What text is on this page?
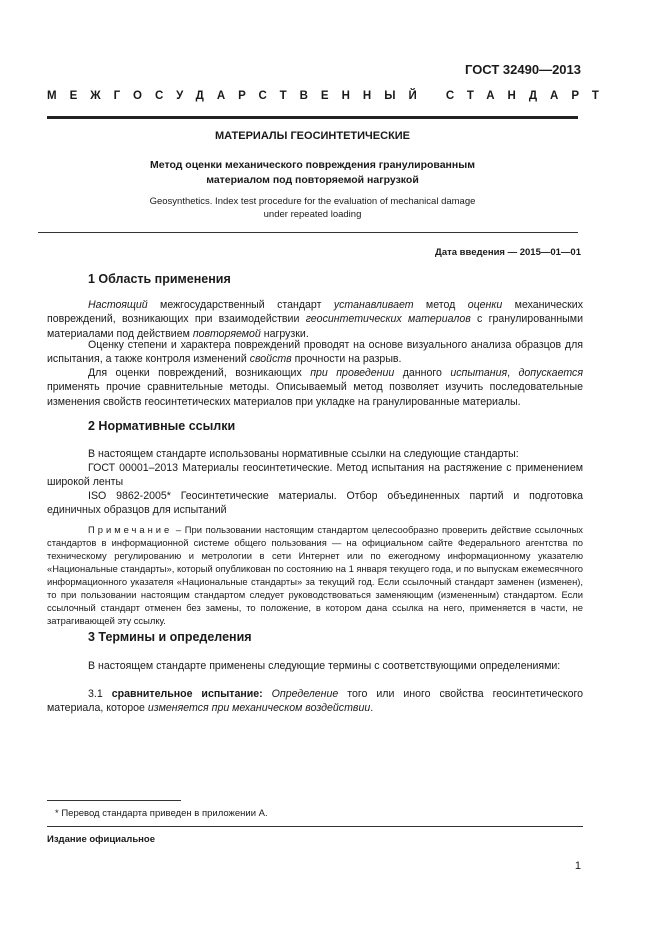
ГОСТ 32490—2013
МЕЖГОСУДАРСТВЕННЫЙ СТАНДАРТ
МАТЕРИАЛЫ ГЕОСИНТЕТИЧЕСКИЕ
Метод оценки механического повреждения гранулированным материалом под повторяемой нагрузкой
Geosynthetics. Index test procedure for the evaluation of mechanical damage
under repeated loading
Дата введения — 2015—01—01
1 Область применения
Настоящий межгосударственный стандарт устанавливает метод оценки механических повреждений, возникающих при взаимодействии геосинтетических материалов с гранулированными материалами под действием повторяемой нагрузки.
Оценку степени и характера повреждений проводят на основе визуального анализа образцов для испытания, а также контроля изменений свойств прочности на разрыв.
Для оценки повреждений, возникающих при проведении данного испытания, допускается применять прочие сравнительные методы. Описываемый метод позволяет изучить последовательные изменения свойств геосинтетических материалов при укладке на гранулированные материалы.
2 Нормативные ссылки
В настоящем стандарте использованы нормативные ссылки на следующие стандарты:
ГОСТ 00001–2013 Материалы геосинтетические. Метод испытания на растяжение с применением широкой ленты
ISO 9862-2005* Геосинтетические материалы. Отбор объединенных партий и подготовка единичных образцов для испытаний
Примечание – При пользовании настоящим стандартом целесообразно проверить действие ссылочных стандартов в информационной системе общего пользования — на официальном сайте Федерального агентства по техническому регулированию и метрологии в сети Интернет или по ежегодному информационному указателю «Национальные стандарты», который опубликован по состоянию на 1 января текущего года, и по выпускам ежемесячного информационного указателя «Национальные стандарты» за текущий год. Если ссылочный стандарт заменен (изменен), то при пользовании настоящим стандартом следует руководствоваться заменяющим (измененным) стандартом. Если ссылочный стандарт отменен без замены, то положение, в котором дана ссылка на него, применяется в части, не затрагивающей эту ссылку.
3 Термины и определения
В настоящем стандарте применены следующие термины с соответствующими определениями:
3.1 сравнительное испытание: Определение того или иного свойства геосинтетического материала, которое изменяется при механическом воздействии.
* Перевод стандарта приведен в приложении А.
Издание официальное
1
